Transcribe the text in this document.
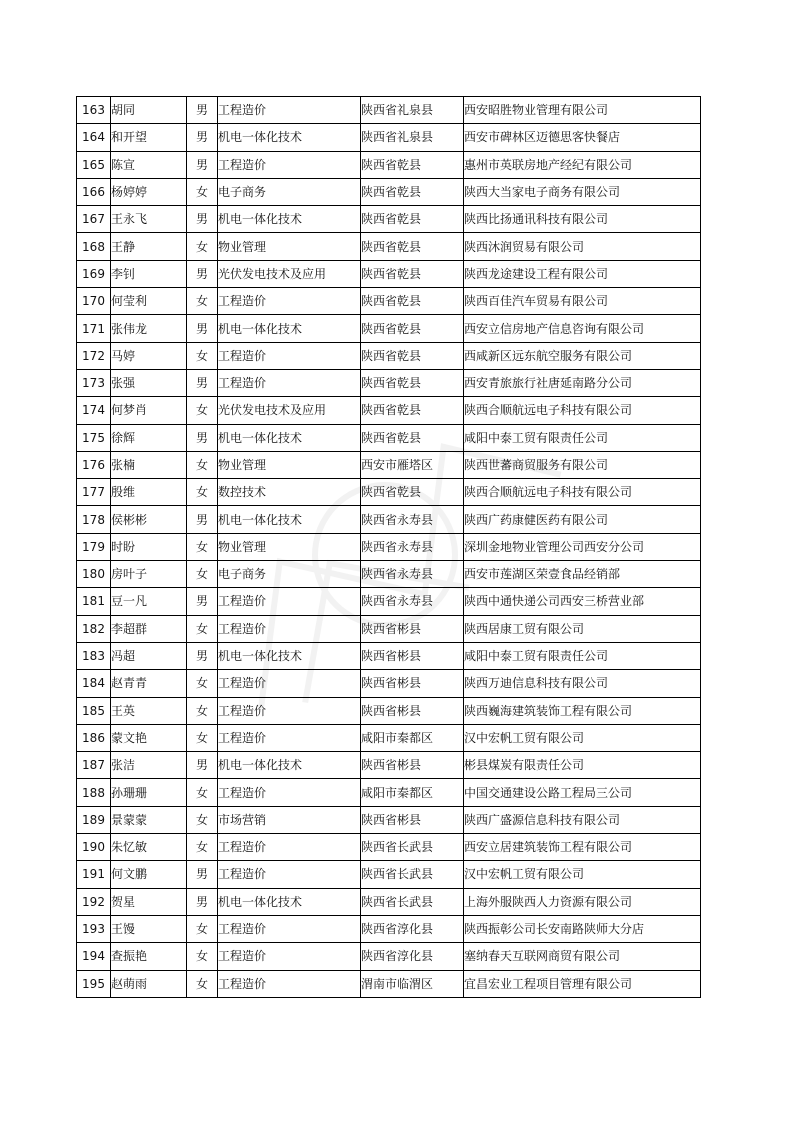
163	胡同	男	工程造价	陕西省礼泉县	西安昭胜物业管理有限公司
164	和开望	男	机电一体化技术	陕西省礼泉县	西安市碑林区迈德思客快餐店
165	陈宣	男	工程造价	陕西省乾县	惠州市英联房地产经纪有限公司
166	杨婷婷	女	电子商务	陕西省乾县	陕西大当家电子商务有限公司
167	王永飞	男	机电一体化技术	陕西省乾县	陕西比扬通讯科技有限公司
168	王静	女	物业管理	陕西省乾县	陕西沐润贸易有限公司
169	李钊	男	光伏发电技术及应用	陕西省乾县	陕西龙途建设工程有限公司
170	何莹利	女	工程造价	陕西省乾县	陕西百佳汽车贸易有限公司
171	张伟龙	男	机电一体化技术	陕西省乾县	西安立信房地产信息咨询有限公司
172	马婷	女	工程造价	陕西省乾县	西咸新区远东航空服务有限公司
173	张强	男	工程造价	陕西省乾县	西安青旅旅行社唐延南路分公司
174	何梦肖	女	光伏发电技术及应用	陕西省乾县	陕西合顺航远电子科技有限公司
175	徐辉	男	机电一体化技术	陕西省乾县	咸阳中泰工贸有限责任公司
176	张楠	女	物业管理	西安市雁塔区	陕西世蕃商贸服务有限公司
177	殷维	女	数控技术	陕西省乾县	陕西合顺航远电子科技有限公司
178	侯彬彬	男	机电一体化技术	陕西省永寿县	陕西广药康健医药有限公司
179	时盼	女	物业管理	陕西省永寿县	深圳金地物业管理公司西安分公司
180	房叶子	女	电子商务	陕西省永寿县	西安市莲湖区荣壹食品经销部
181	豆一凡	男	工程造价	陕西省永寿县	陕西中通快递公司西安三桥营业部
182	李超群	女	工程造价	陕西省彬县	陕西居康工贸有限公司
183	冯超	男	机电一体化技术	陕西省彬县	咸阳中泰工贸有限责任公司
184	赵青青	女	工程造价	陕西省彬县	陕西万迪信息科技有限公司
185	王英	女	工程造价	陕西省彬县	陕西巍海建筑装饰工程有限公司
186	蒙文艳	女	工程造价	咸阳市秦都区	汉中宏帆工贸有限公司
187	张洁	男	机电一体化技术	陕西省彬县	彬县煤炭有限责任公司
188	孙珊珊	女	工程造价	咸阳市秦都区	中国交通建设公路工程局三公司
189	景蒙蒙	女	市场营销	陕西省彬县	陕西广盛源信息科技有限公司
190	朱忆敏	女	工程造价	陕西省长武县	西安立居建筑装饰工程有限公司
191	何文鹏	男	工程造价	陕西省长武县	汉中宏帆工贸有限公司
192	贺星	男	机电一体化技术	陕西省长武县	上海外服陕西人力资源有限公司
193	王馒	女	工程造价	陕西省淳化县	陕西振彰公司长安南路陕师大分店
194	查振艳	女	工程造价	陕西省淳化县	塞纳春天互联网商贸有限公司
195	赵萌雨	女	工程造价	渭南市临渭区	宜昌宏业工程项目管理有限公司
